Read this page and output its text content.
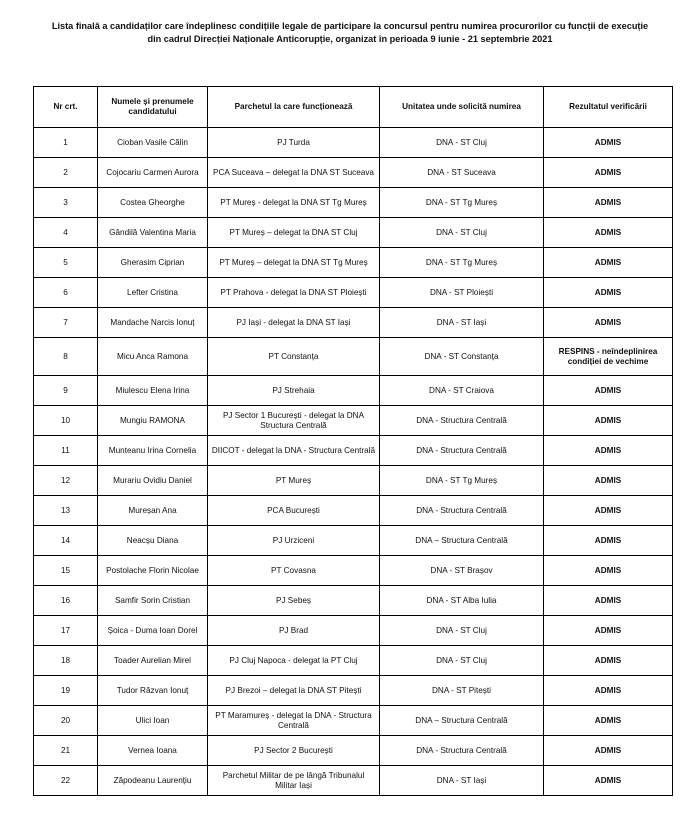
Lista finală a candidaților care îndeplinesc condițiile legale de participare la concursul pentru numirea procurorilor cu funcții de execuție
din cadrul Direcției Naționale Anticorupție, organizat în perioada 9 iunie - 21 septembrie 2021
Nr crt.	Numele și prenumele candidatului	Parchetul la care funcționează	Unitatea unde solicită numirea	Rezultatul verificării
1	Cioban Vasile Călin	PJ Turda	DNA - ST Cluj	ADMIS
2	Cojocariu Carmen Aurora	PCA Suceava – delegat la DNA ST Suceava	DNA - ST Suceava	ADMIS
3	Costea Gheorghe	PT Mureș - delegat la DNA ST Tg Mureș	DNA - ST Tg Mureș	ADMIS
4	Gândilă Valentina Maria	PT Mureș – delegat la DNA ST Cluj	DNA - ST Cluj	ADMIS
5	Gherasim Ciprian	PT Mureș – delegat la DNA ST Tg Mureș	DNA - ST Tg Mureș	ADMIS
6	Lefter Cristina	PT Prahova - delegat la DNA ST Ploiești	DNA - ST Ploiești	ADMIS
7	Mandache Narcis Ionuț	PJ Iași - delegat la DNA ST Iași	DNA - ST Iași	ADMIS
8	Micu Anca Ramona	PT Constanța	DNA - ST Constanța	RESPINS - neîndeplinirea condiției de vechime
9	Miulescu Elena Irina	PJ Strehaia	DNA - ST Craiova	ADMIS
10	Mungiu RAMONA	PJ Sector 1 București - delegat la DNA Structura Centrală	DNA - Structura Centrală	ADMIS
11	Munteanu Irina Cornelia	DIICOT - delegat la DNA - Structura Centrală	DNA - Structura Centrală	ADMIS
12	Murariu Ovidiu Daniel	PT Mureș	DNA - ST Tg Mureș	ADMIS
13	Mureșan Ana	PCA București	DNA - Structura Centrală	ADMIS
14	Neacșu Diana	PJ Urziceni	DNA – Structura Centrală	ADMIS
15	Postolache Florin Nicolae	PT Covasna	DNA - ST Brașov	ADMIS
16	Samfir Sorin Cristian	PJ Sebeș	DNA - ST Alba Iulia	ADMIS
17	Șoica - Duma Ioan Dorel	PJ Brad	DNA - ST Cluj	ADMIS
18	Toader Aurelian Mirel	PJ Cluj Napoca - delegat la PT Cluj	DNA - ST Cluj	ADMIS
19	Tudor Răzvan Ionuț	PJ Brezoi – delegat la DNA ST Pitești	DNA - ST Pitești	ADMIS
20	Ulici Ioan	PT Maramureș - delegat la DNA - Structura Centrală	DNA – Structura Centrală	ADMIS
21	Vernea Ioana	PJ Sector 2 București	DNA - Structura Centrală	ADMIS
22	Zăpodeanu Laurențiu	Parchetul Militar de pe lângă Tribunalul Militar Iași	DNA - ST Iași	ADMIS
